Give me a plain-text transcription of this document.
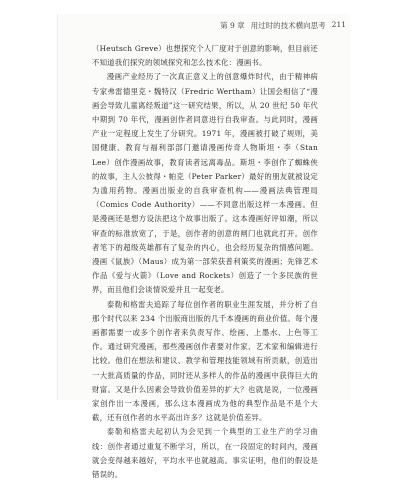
第 9 章 用过时的技术横向思考 211

（Heutsch Greve）也想探究个人厂度对于创意的影响，但目前还不知道我们探究的领域探究和怎么技术化：漫画书。

漫画产业经历了一次真正意义上的创意爆炸时代，由于精神病专家弗雷德里克・魏特汉（Fredric Wertham）让国会相信了“漫画会导致儿童离经叛道”这一研究结果，所以，从 20 世纪 50 年代中期到 70 年代，漫画创作者同意进行自我审查。与此同时，漫画产业一定程度上发生了分研究。1971 年，漫画被打破了规则，美国健康、教育与福利部部门邀请漫画传奇人物斯坦・李（Stan Lee）创作漫画故事，教育读者远离毒品。斯坦・李创作了蜘蛛侠的故事，主人公彼得・帕克（Peter Parker）最好的朋友就被设定为滥用药物。漫画出版业的自我审查机构——漫画法典管理局（Comics Code Authority）——不同意出版这样一本漫画。但是漫画还是想方设法把这个故事出版了。这本漫画好评如潮，所以审查的标准放宽了，于是，创作者的创意的闸门也就此打开。创作者笔下的超级英雄都有了复杂的内心，也会经历复杂的情感问题。漫画《鼠族》（Maus）成为第一部荣获普利策奖的漫画；先锋艺术作品《爱与火箭》（Love and Rockets）创造了一个多民族的世界，而且他们会谈情说爱并且一起变老。

泰勒和格雷夫追踪了每位创作者的职业生涯发展，并分析了自那个时代以来 234 个出版商出版的几千本漫画的商业价值。每个漫画都需要一或多个创作者来负责写作、绘画、上墨水、上色等工作。通过研究漫画，那些漫画创作者要对作家、艺术家和编辑进行比较。他们在想法和建议、教学和管理技能领域有所贡献，创造出一大批高质量的作品，同时还从多样人的作品的漫画中获得巨大的财富。又是什么因素会导致价值差异的扩大？也就是说，一位漫画家创作出一本漫画，那么这本漫画成为他的典型作品是不是个大截，还有创作者的水平高出许多？这就是价值差异。

泰勒和格雷夫起初认为会见到一个典型的工业生产的学习曲线：创作者通过重复不断学习，所以，在一段固定的时间内，漫画就会变得越来越好，平均水平也就越高。事实证明，他们的假设是错误的。
